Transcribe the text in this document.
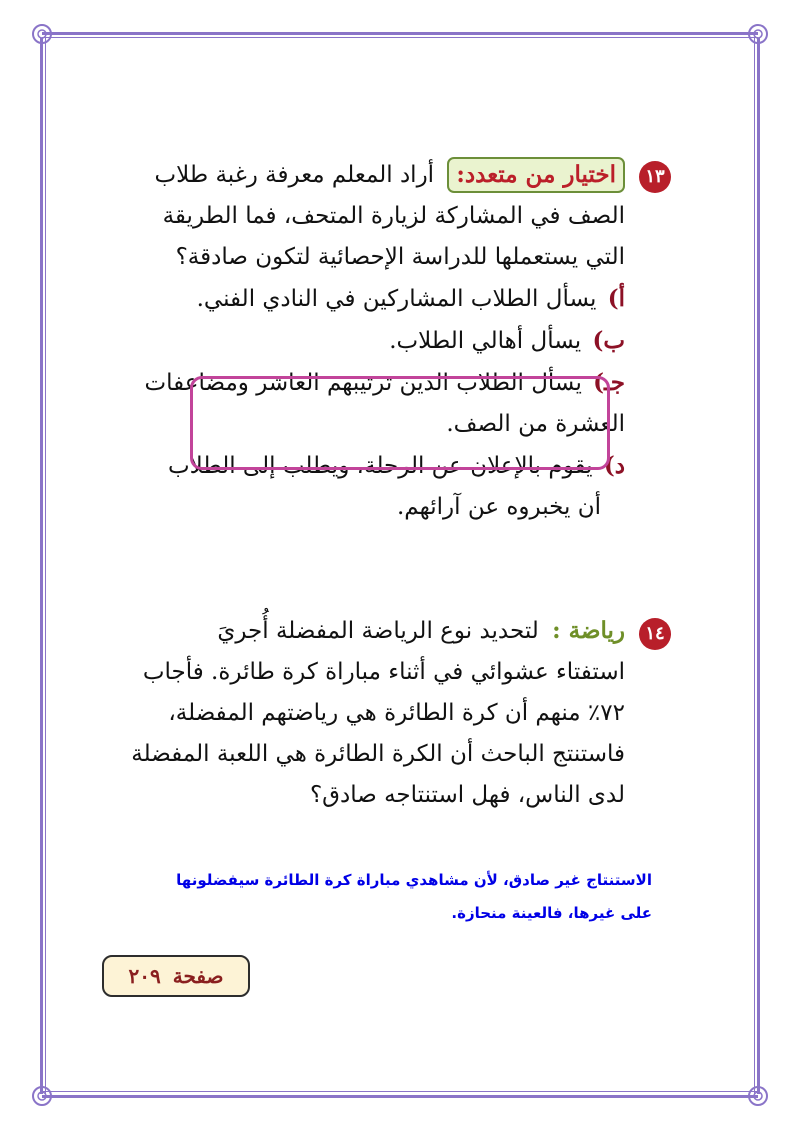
١٣
اختيار من متعدد: أراد المعلم معرفة رغبة طلاب
الصف في المشاركة لزيارة المتحف، فما الطريقة
التي يستعملها للدراسة الإحصائية لتكون صادقة؟
أ) يسأل الطلاب المشاركين في النادي الفني.
ب) يسأل أهالي الطلاب.
جـ) يسأل الطلاب الذين ترتيبهم العاشر ومضاعفات
العشرة من الصف.
د) يقوم بالإعلان عن الرحلة، ويطلب إلى الطلاب
أن يخبروه عن آرائهم.
١٤
رياضة : لتحديد نوع الرياضة المفضلة أُجريَ
استفتاء عشوائي في أثناء مباراة كرة طائرة. فأجاب
٧٢٪ منهم أن كرة الطائرة هي رياضتهم المفضلة،
فاستنتج الباحث أن الكرة الطائرة هي اللعبة المفضلة
لدى الناس، فهل استنتاجه صادق؟
الاستنتاج غير صادق، لأن مشاهدي مباراة كرة الطائرة سيفضلونها
على غيرها، فالعينة منحازة.
صفحة
٢٠٩
